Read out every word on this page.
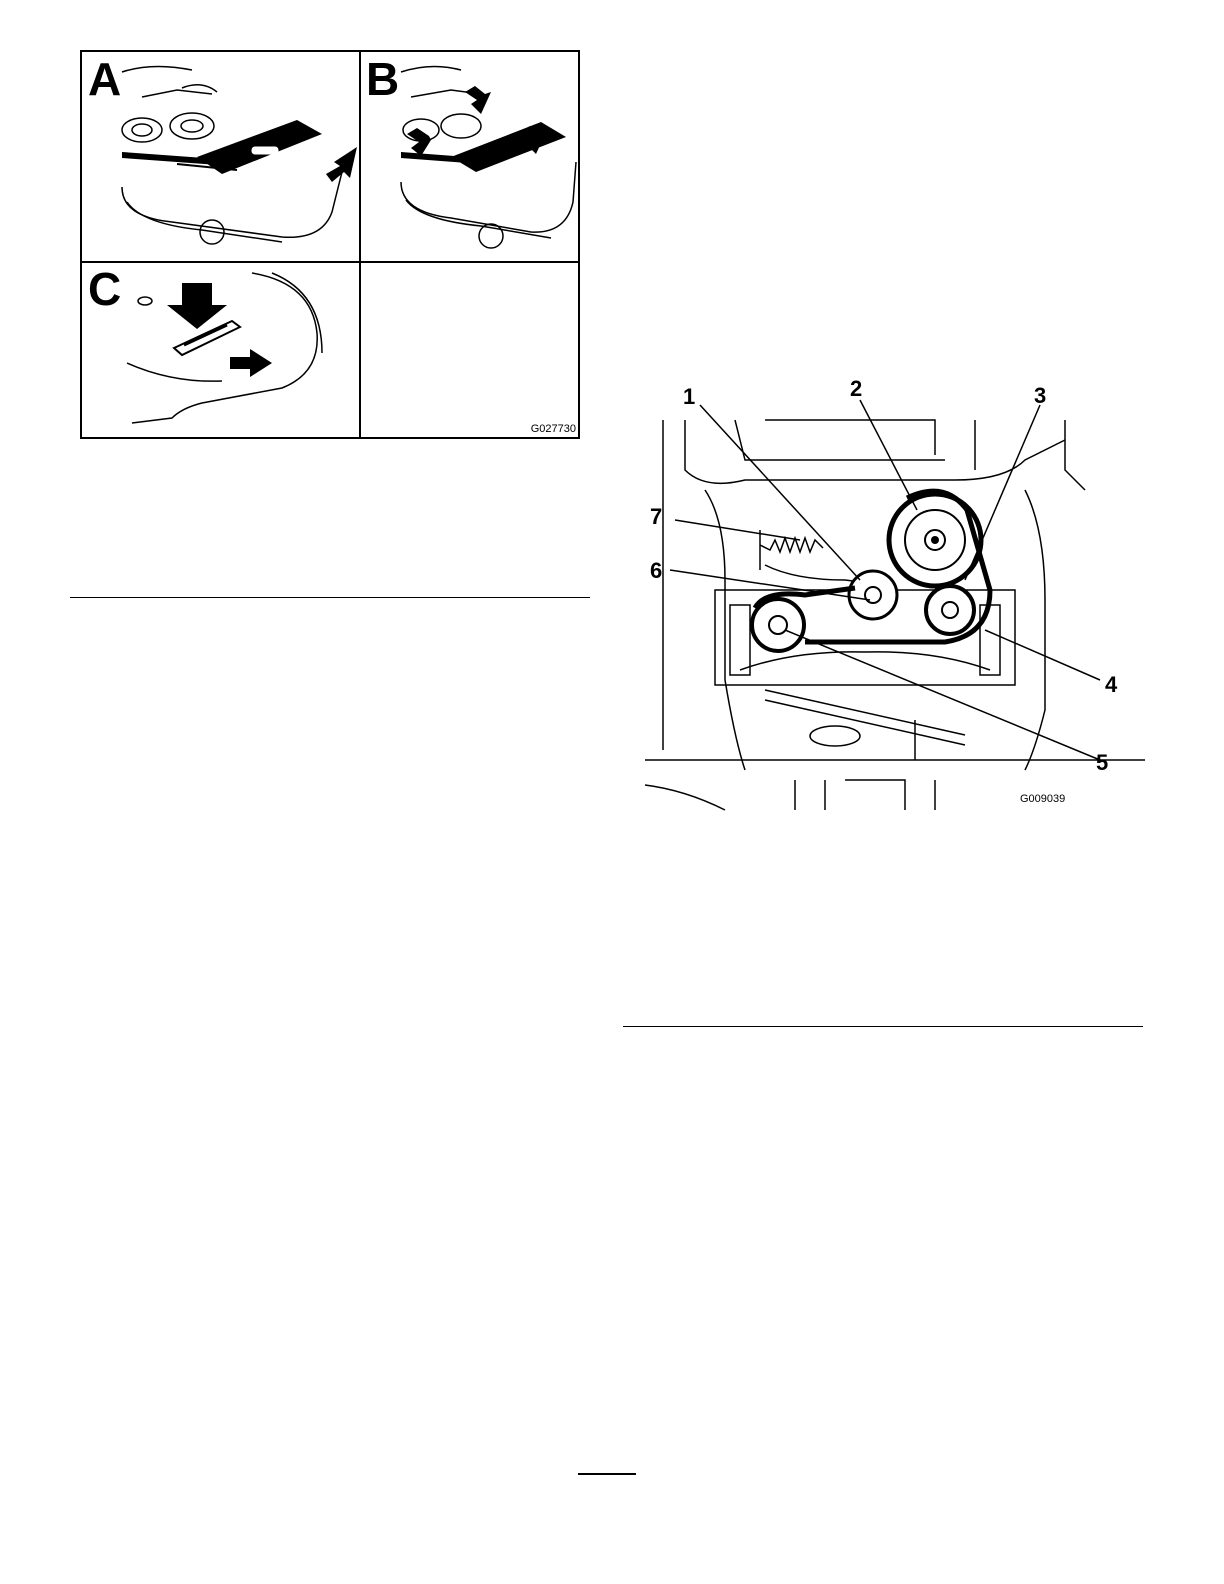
A	B
C
G027730
1	2	3
4
5
6
7
G009039
